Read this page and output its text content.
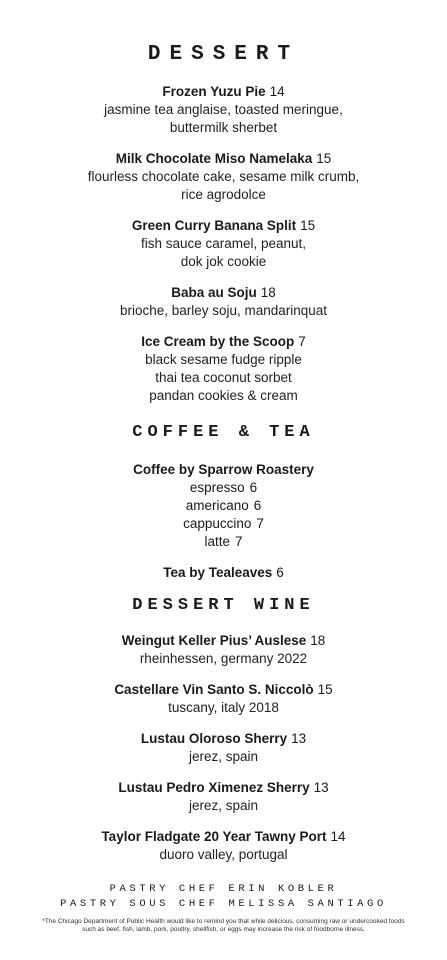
DESSERT
Frozen Yuzu Pie 14
jasmine tea anglaise, toasted meringue,
buttermilk sherbet
Milk Chocolate Miso Namelaka 15
flourless chocolate cake, sesame milk crumb,
rice agrodolce
Green Curry Banana Split 15
fish sauce caramel, peanut,
dok jok cookie
Baba au Soju 18
brioche, barley soju, mandarinquat
Ice Cream by the Scoop 7
black sesame fudge ripple
thai tea coconut sorbet
pandan cookies & cream
COFFEE & TEA
Coffee by Sparrow Roastery
espresso 6
americano 6
cappuccino 7
latte 7
Tea by Tealeaves 6
DESSERT WINE
Weingut Keller Pius’ Auslese 18
rheinhessen, germany 2022
Castellare Vin Santo S. Niccolò 15
tuscany, italy 2018
Lustau Oloroso Sherry 13
jerez, spain
Lustau Pedro Ximenez Sherry 13
jerez, spain
Taylor Fladgate 20 Year Tawny Port 14
duoro valley, portugal
PASTRY CHEF ERIN KOBLER
PASTRY SOUS CHEF MELISSA SANTIAGO
*The Chicago Department of Public Health would like to remind you that while delicious, consuming raw or undercooked foods such as beef, fish, lamb, pork, poultry, shellfish, or eggs may increase the risk of foodborne illness.
